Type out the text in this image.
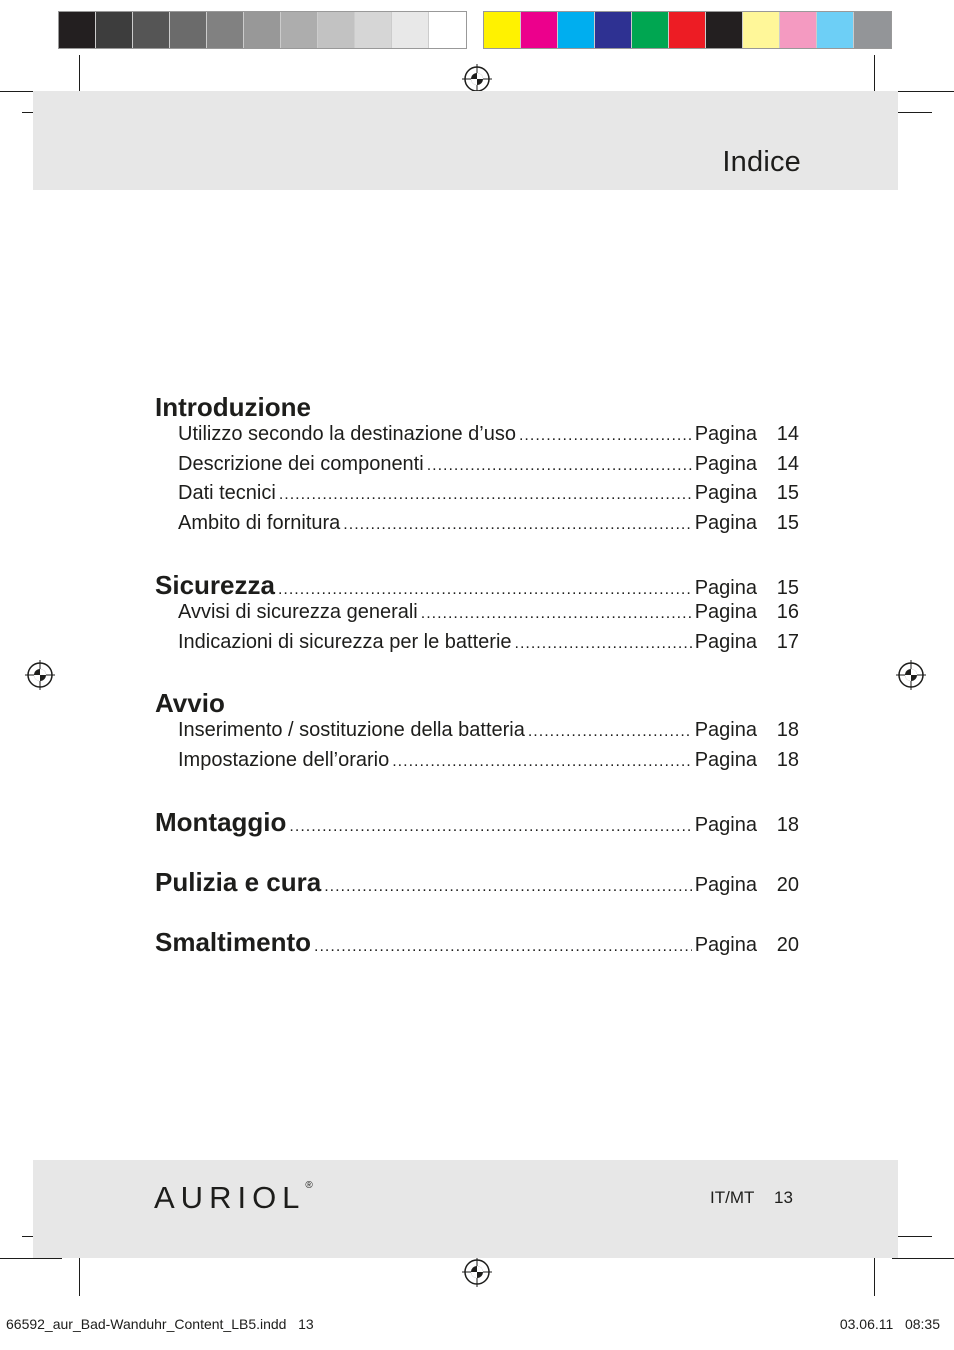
Indice
Introduzione
Utilizzo secondo la destinazione d’uso .....	Pagina 14
Descrizione dei componenti .....	Pagina 14
Dati tecnici .....	Pagina 15
Ambito di fornitura .....	Pagina 15
Sicurezza .....	Pagina 15
Avvisi di sicurezza generali .....	Pagina 16
Indicazioni di sicurezza per le batterie .....	Pagina 17
Avvio
Inserimento / sostituzione della batteria .....	Pagina 18
Impostazione dell’orario .....	Pagina 18
Montaggio .....	Pagina 18
Pulizia e cura .....	Pagina 20
Smaltimento .....	Pagina 20
AURIOL®
IT/MT 13
66592_aur_Bad-Wanduhr_Content_LB5.indd   13	03.06.11   08:35
